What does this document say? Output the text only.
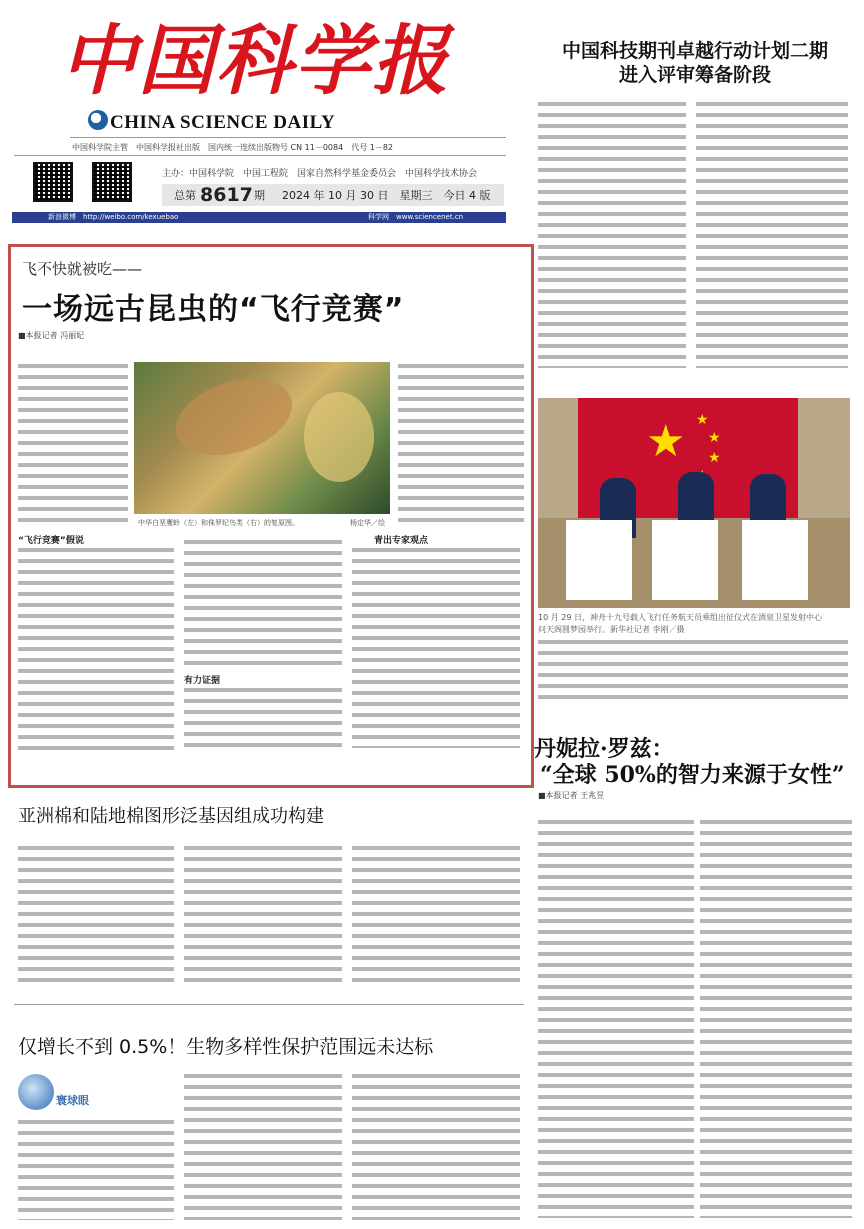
中国科学报
CHINA SCIENCE DAILY
中国科学院主管　中国科学报社出版　国内统一连续出版物号 CN 11－0084　代号 1－82
主办：中国科学院　中国工程院　国家自然科学基金委员会　中国科学技术协会
总第 8617 期 2024 年 10 月 30 日　星期三　今日 4 版
新浪微博　http://weibo.com/kexuebao	科学网　www.sciencenet.cn
中国科技期刊卓越行动计划二期
进入评审筹备阶段
★ ★
★
★
10 月 29 日，神舟十九号载人飞行任务航天员乘组出征仪式在酒泉卫星发射中心
问天阁圆梦园举行。新华社记者 李刚／摄
丹妮拉·罗兹：
“全球 50%的智力来源于女性”
■本报记者 王兆昱
飞不快就被吃——
一场远古昆虫的“飞行竞赛”
■本报记者 冯丽妃
中华白垩鹰蛉（左）和侏罗纪鸟类（右）的复原图。	杨定华／绘
“飞行竞赛”假说
有力证据
青出专家观点
亚洲棉和陆地棉图形泛基因组成功构建
仅增长不到 0.5%！生物多样性保护范围远未达标
寰球眼
